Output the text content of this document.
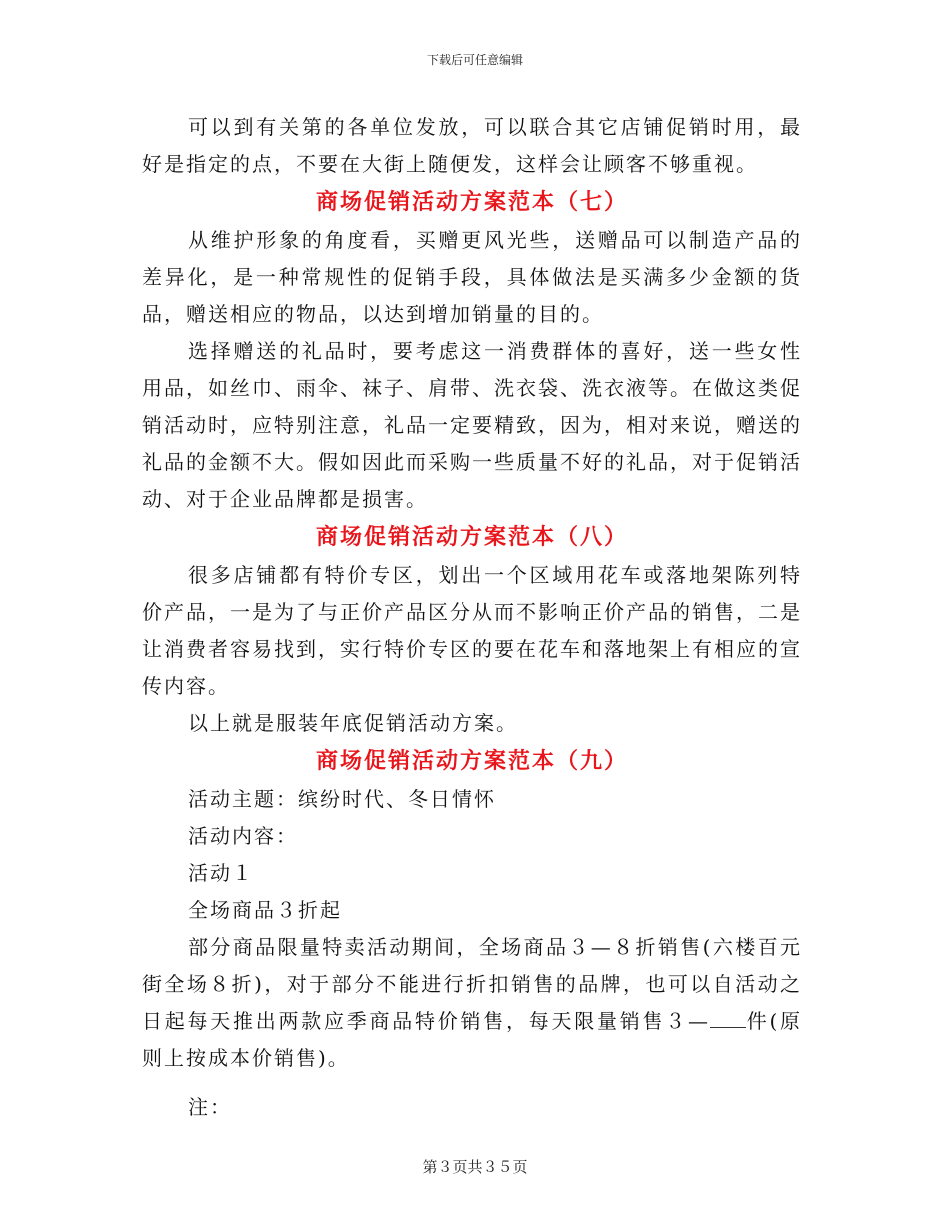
下载后可任意编辑

可以到有关第的各单位发放，可以联合其它店铺促销时用，最好是指定的点，不要在大街上随便发，这样会让顾客不够重视。

商场促销活动方案范本（七）

从维护形象的角度看，买赠更风光些，送赠品可以制造产品的差异化，是一种常规性的促销手段，具体做法是买满多少金额的货品，赠送相应的物品，以达到增加销量的目的。

选择赠送的礼品时，要考虑这一消费群体的喜好，送一些女性用品，如丝巾、雨伞、袜子、肩带、洗衣袋、洗衣液等。在做这类促销活动时，应特别注意，礼品一定要精致，因为，相对来说，赠送的礼品的金额不大。假如因此而采购一些质量不好的礼品，对于促销活动、对于企业品牌都是损害。

商场促销活动方案范本（八）

很多店铺都有特价专区，划出一个区域用花车或落地架陈列特价产品，一是为了与正价产品区分从而不影响正价产品的销售，二是让消费者容易找到，实行特价专区的要在花车和落地架上有相应的宣传内容。

以上就是服装年底促销活动方案。

商场促销活动方案范本（九）

活动主题：缤纷时代、冬日情怀

活动内容：

活动１

全场商品３折起

部分商品限量特卖活动期间，全场商品３—８折销售(六楼百元街全场８折)，对于部分不能进行折扣销售的品牌，也可以自活动之日起每天推出两款应季商品特价销售，每天限量销售３— 件(原则上按成本价销售)。

注：

第３页共３５页
